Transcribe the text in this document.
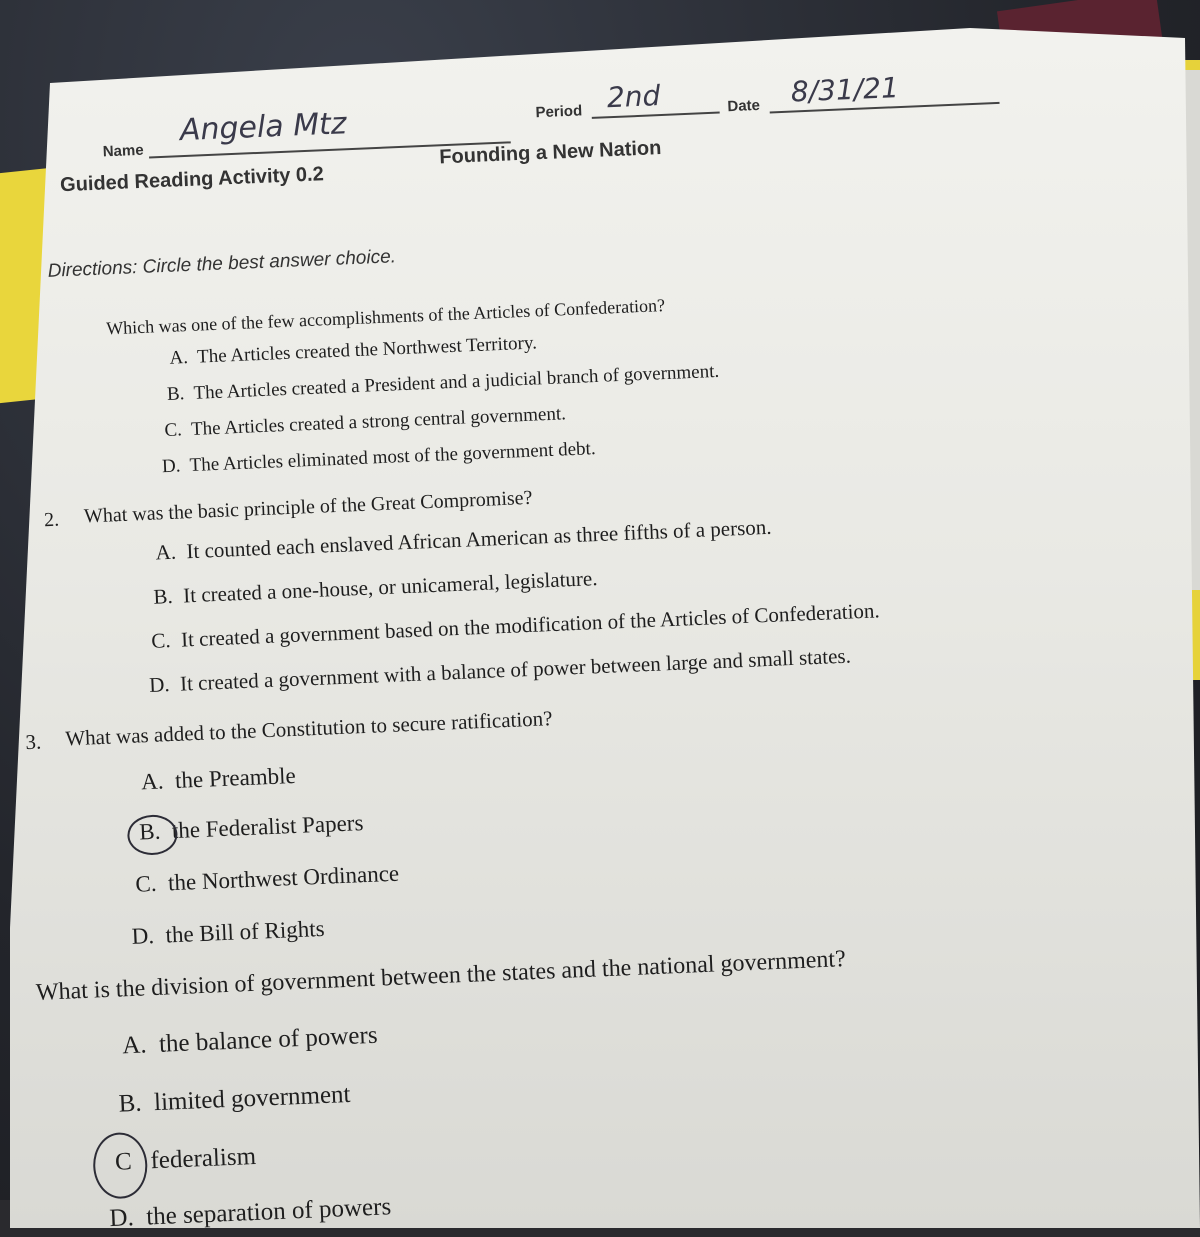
Name
Angela Mtz	Period 2nd	Date 8/31/21
Guided Reading Activity 0.2
Founding a New Nation
Directions: Circle the best answer choice.
Which was one of the few accomplishments of the Articles of Confederation?
A. The Articles created the Northwest Territory.
B. The Articles created a President and a judicial branch of government.
C. The Articles created a strong central government.
D. The Articles eliminated most of the government debt.
2. What was the basic principle of the Great Compromise?
A. It counted each enslaved African American as three fifths of a person.
B. It created a one-house, or unicameral, legislature.
C. It created a government based on the modification of the Articles of Confederation.
D. It created a government with a balance of power between large and small states.
3. What was added to the Constitution to secure ratification?
A. the Preamble
B. the Federalist Papers
C. the Northwest Ordinance
D. the Bill of Rights
What is the division of government between the states and the national government?
A. the balance of powers
B. limited government
C federalism
D. the separation of powers
